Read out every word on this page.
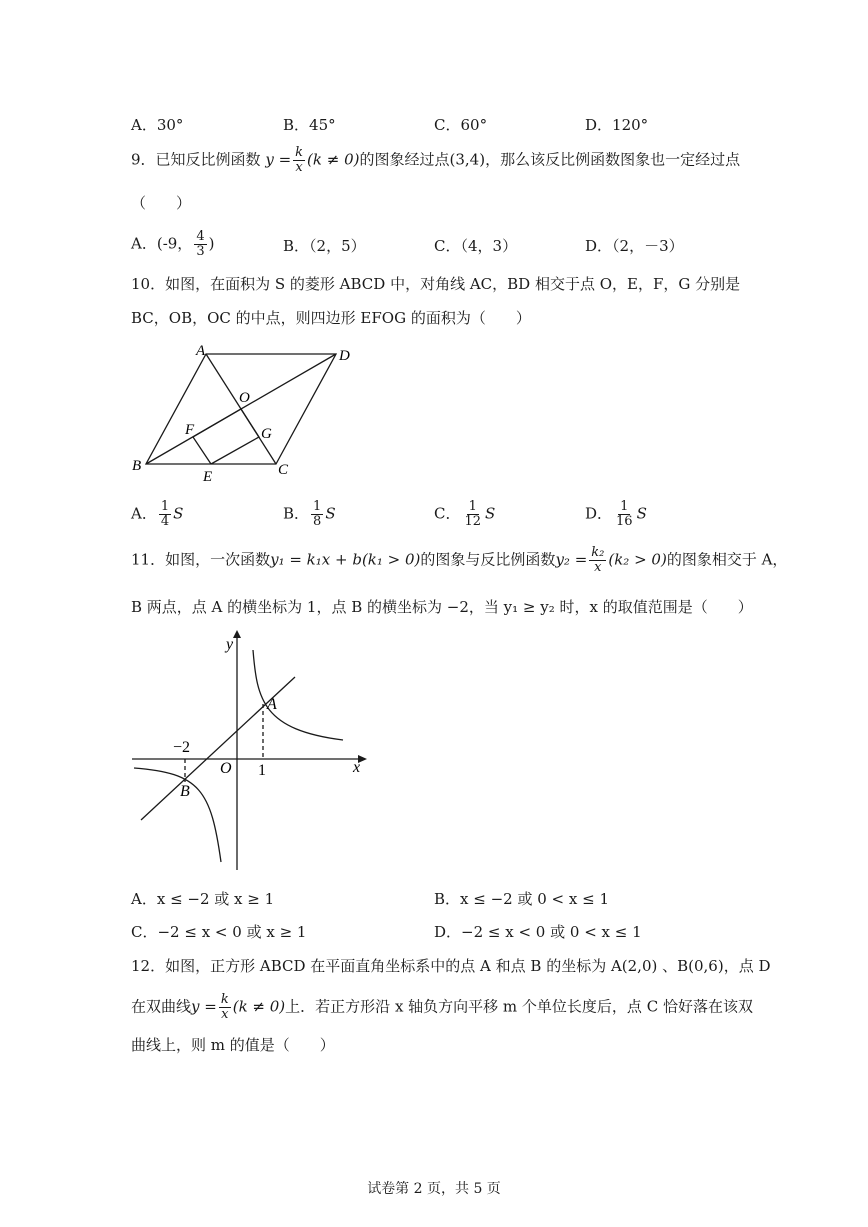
A．30°	B．45°	C．60°	D．120°
9．已知反比例函数 $y = \frac{k}{x} (k \ne 0)$的图象经过点(3,4)，那么该反比例函数图象也一定经过点
（　　）
A．(-9， $\frac{4}{3}$ )	B．（2，5）	C．（4，3）	D．（2，－3）
10．如图，在面积为 S 的菱形 ABCD 中，对角线 AC，BD 相交于点 O，E，F，G 分别是
BC，OB，OC 的中点，则四边形 EFOG 的面积为（　　）
A	D
O
F	G
B	C
E
A． $\frac{1}{4}$ S	B． $\frac{1}{8}$ S	C． $\frac{1}{12}$ S	D． $\frac{1}{16}$ S
11．如图，一次函数y₁ = k₁x + b(k₁ > 0)的图象与反比例函数$y_2 = \frac{\text{k₂}}{x} (k_2 > 0)$的图象相交于 A，
B 两点，点 A 的横坐标为 1，点 B 的横坐标为 −2，当 y₁ ≥ y₂ 时，x 的取值范围是（　　）
y
x
O
A
B
−2
1
A．x ≤ −2 或 x ≥ 1	B．x ≤ −2 或 0 < x ≤ 1
C．−2 ≤ x < 0 或 x ≥ 1	D．−2 ≤ x < 0 或 0 < x ≤ 1
12．如图，正方形 ABCD 在平面直角坐标系中的点 A 和点 B 的坐标为 A(2,0) 、B(0,6)，点 D
在双曲线$y = \frac{k}{x} (k \ne 0)$上．若正方形沿 x 轴负方向平移 m 个单位长度后，点 C 恰好落在该双
曲线上，则 m 的值是（　　）
试卷第 2 页，共 5 页
